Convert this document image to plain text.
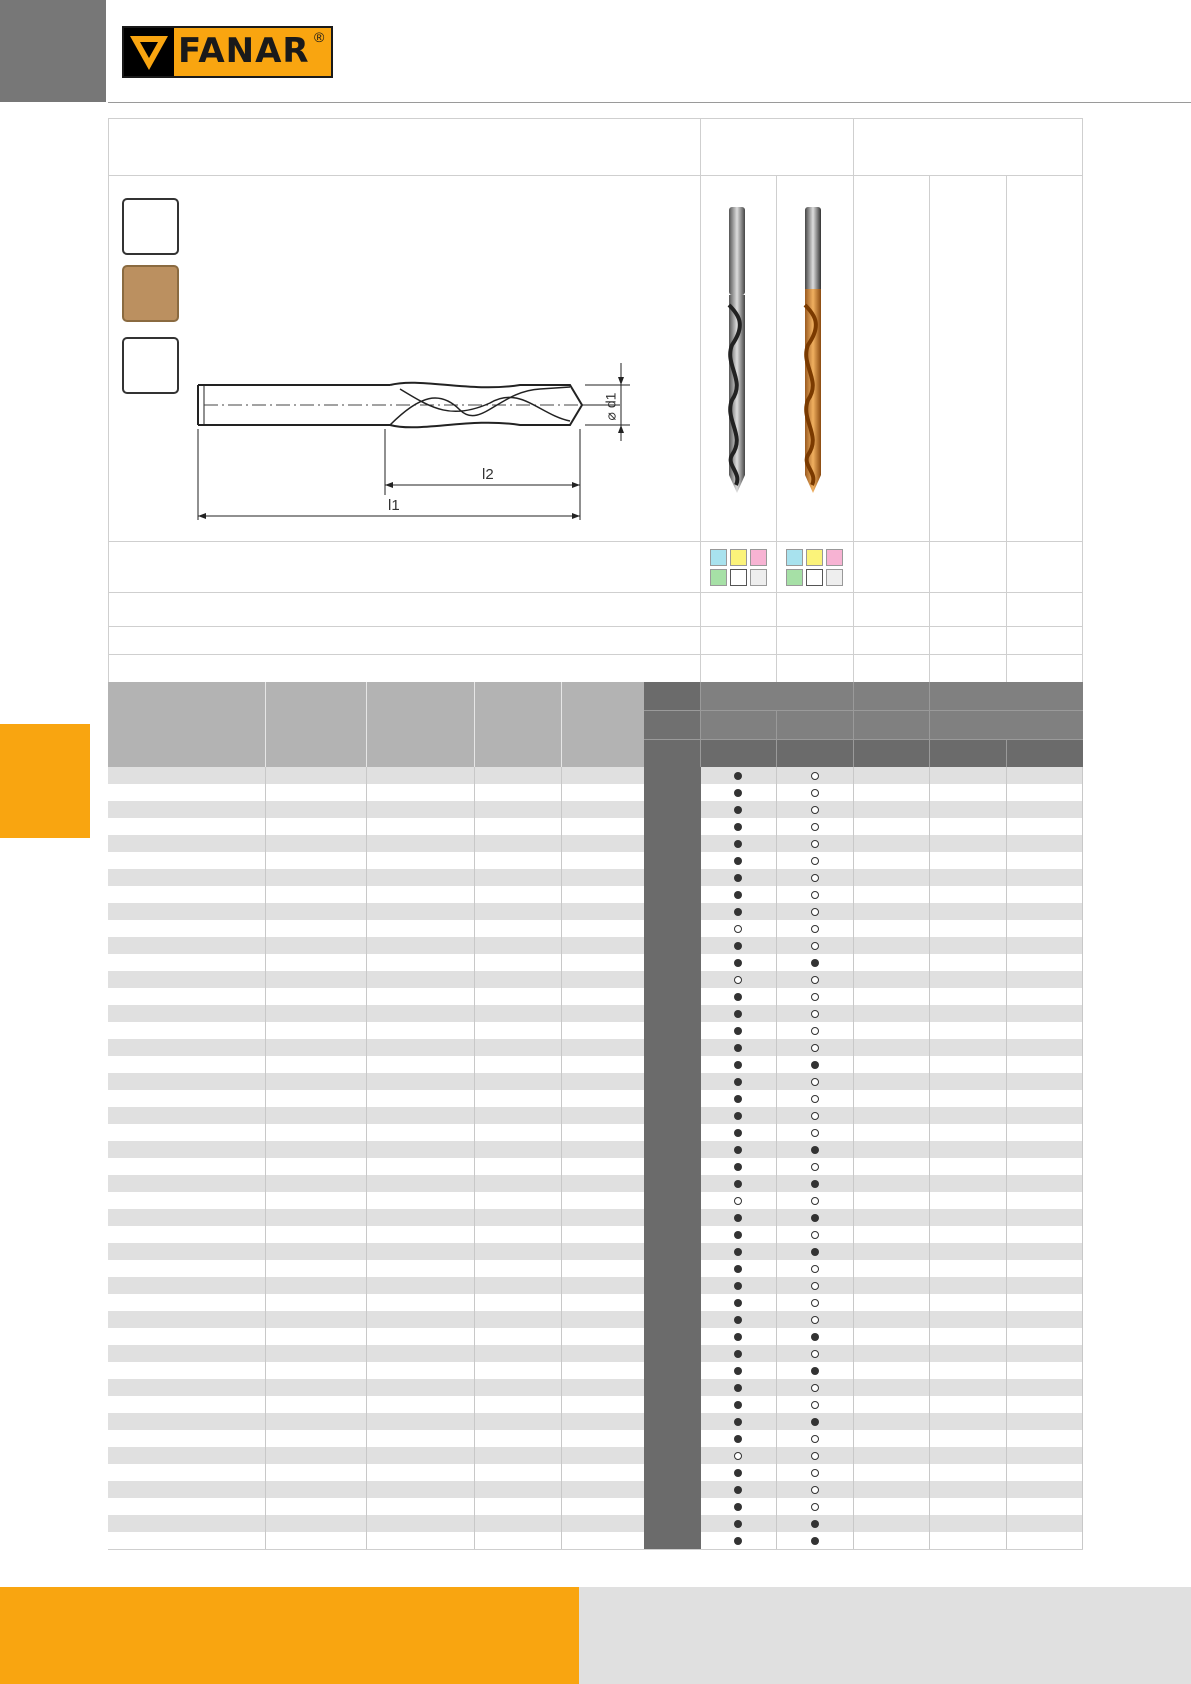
FANAR ®
⌀ d1
l2
l1
